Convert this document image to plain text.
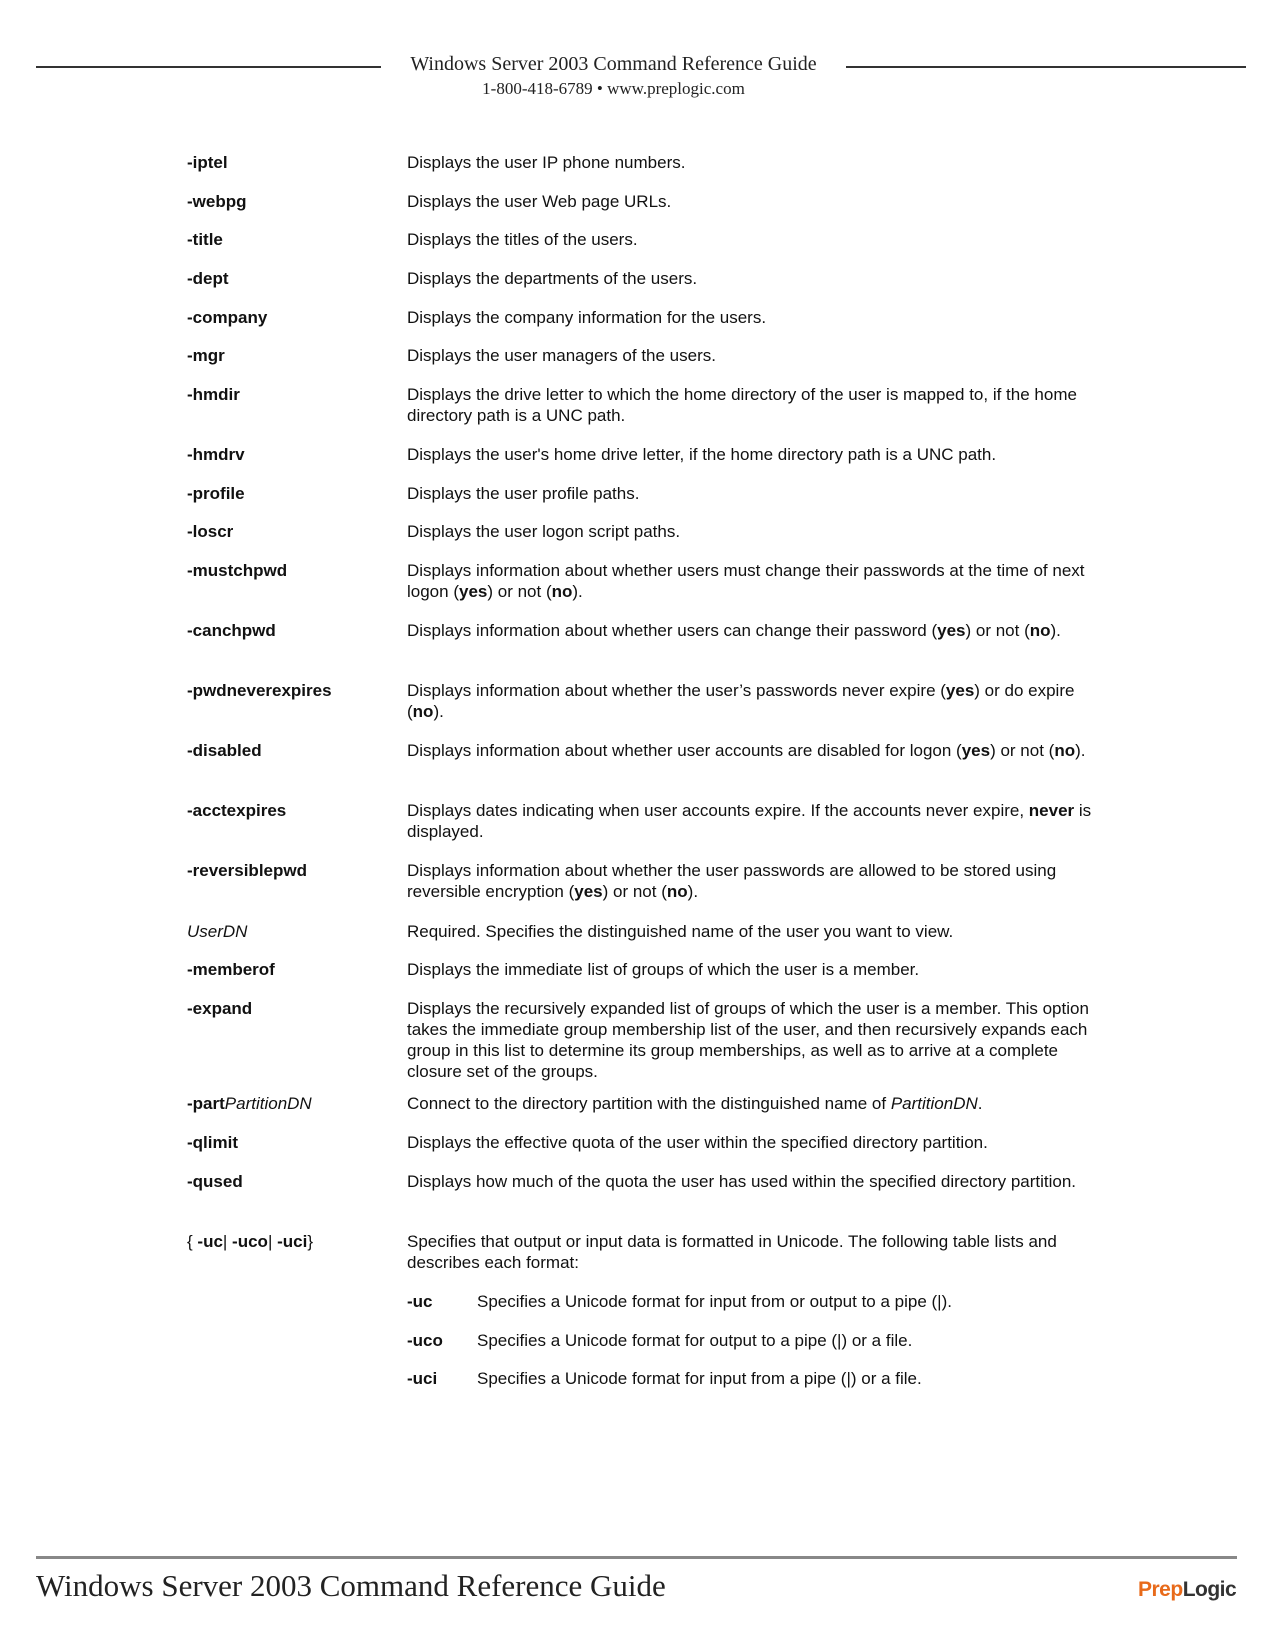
Windows Server 2003 Command Reference Guide
1-800-418-6789 • www.preplogic.com
-iptel	Displays the user IP phone numbers.
-webpg	Displays the user Web page URLs.
-title	Displays the titles of the users.
-dept	Displays the departments of the users.
-company	Displays the company information for the users.
-mgr	Displays the user managers of the users.
-hmdir	Displays the drive letter to which the home directory of the user is mapped to, if the home directory path is a UNC path.
-hmdrv	Displays the user's home drive letter, if the home directory path is a UNC path.
-profile	Displays the user profile paths.
-loscr	Displays the user logon script paths.
-mustchpwd	Displays information about whether users must change their passwords at the time of next logon (yes) or not (no).
-canchpwd	Displays information about whether users can change their password (yes) or not (no).
-pwdneverexpires	Displays information about whether the user’s passwords never expire (yes) or do expire (no).
-disabled	Displays information about whether user accounts are disabled for logon (yes) or not (no).
-acctexpires	Displays dates indicating when user accounts expire. If the accounts never expire, never is displayed.
-reversiblepwd	Displays information about whether the user passwords are allowed to be stored using reversible encryption (yes) or not (no).
UserDN	Required. Specifies the distinguished name of the user you want to view.
-memberof	Displays the immediate list of groups of which the user is a member.
-expand	Displays the recursively expanded list of groups of which the user is a member. This option takes the immediate group membership list of the user, and then recursively expands each group in this list to determine its group memberships, as well as to arrive at a complete closure set of the groups.
-partPartitionDN	Connect to the directory partition with the distinguished name of PartitionDN.
-qlimit	Displays the effective quota of the user within the specified directory partition.
-qused	Displays how much of the quota the user has used within the specified directory partition.
{ -uc| -uco| -uci}	Specifies that output or input data is formatted in Unicode. The following table lists and describes each format:
-uc	Specifies a Unicode format for input from or output to a pipe (|).
-uco	Specifies a Unicode format for output to a pipe (|) or a file.
-uci	Specifies a Unicode format for input from a pipe (|) or a file.
Windows Server 2003 Command Reference Guide	PrepLogic
